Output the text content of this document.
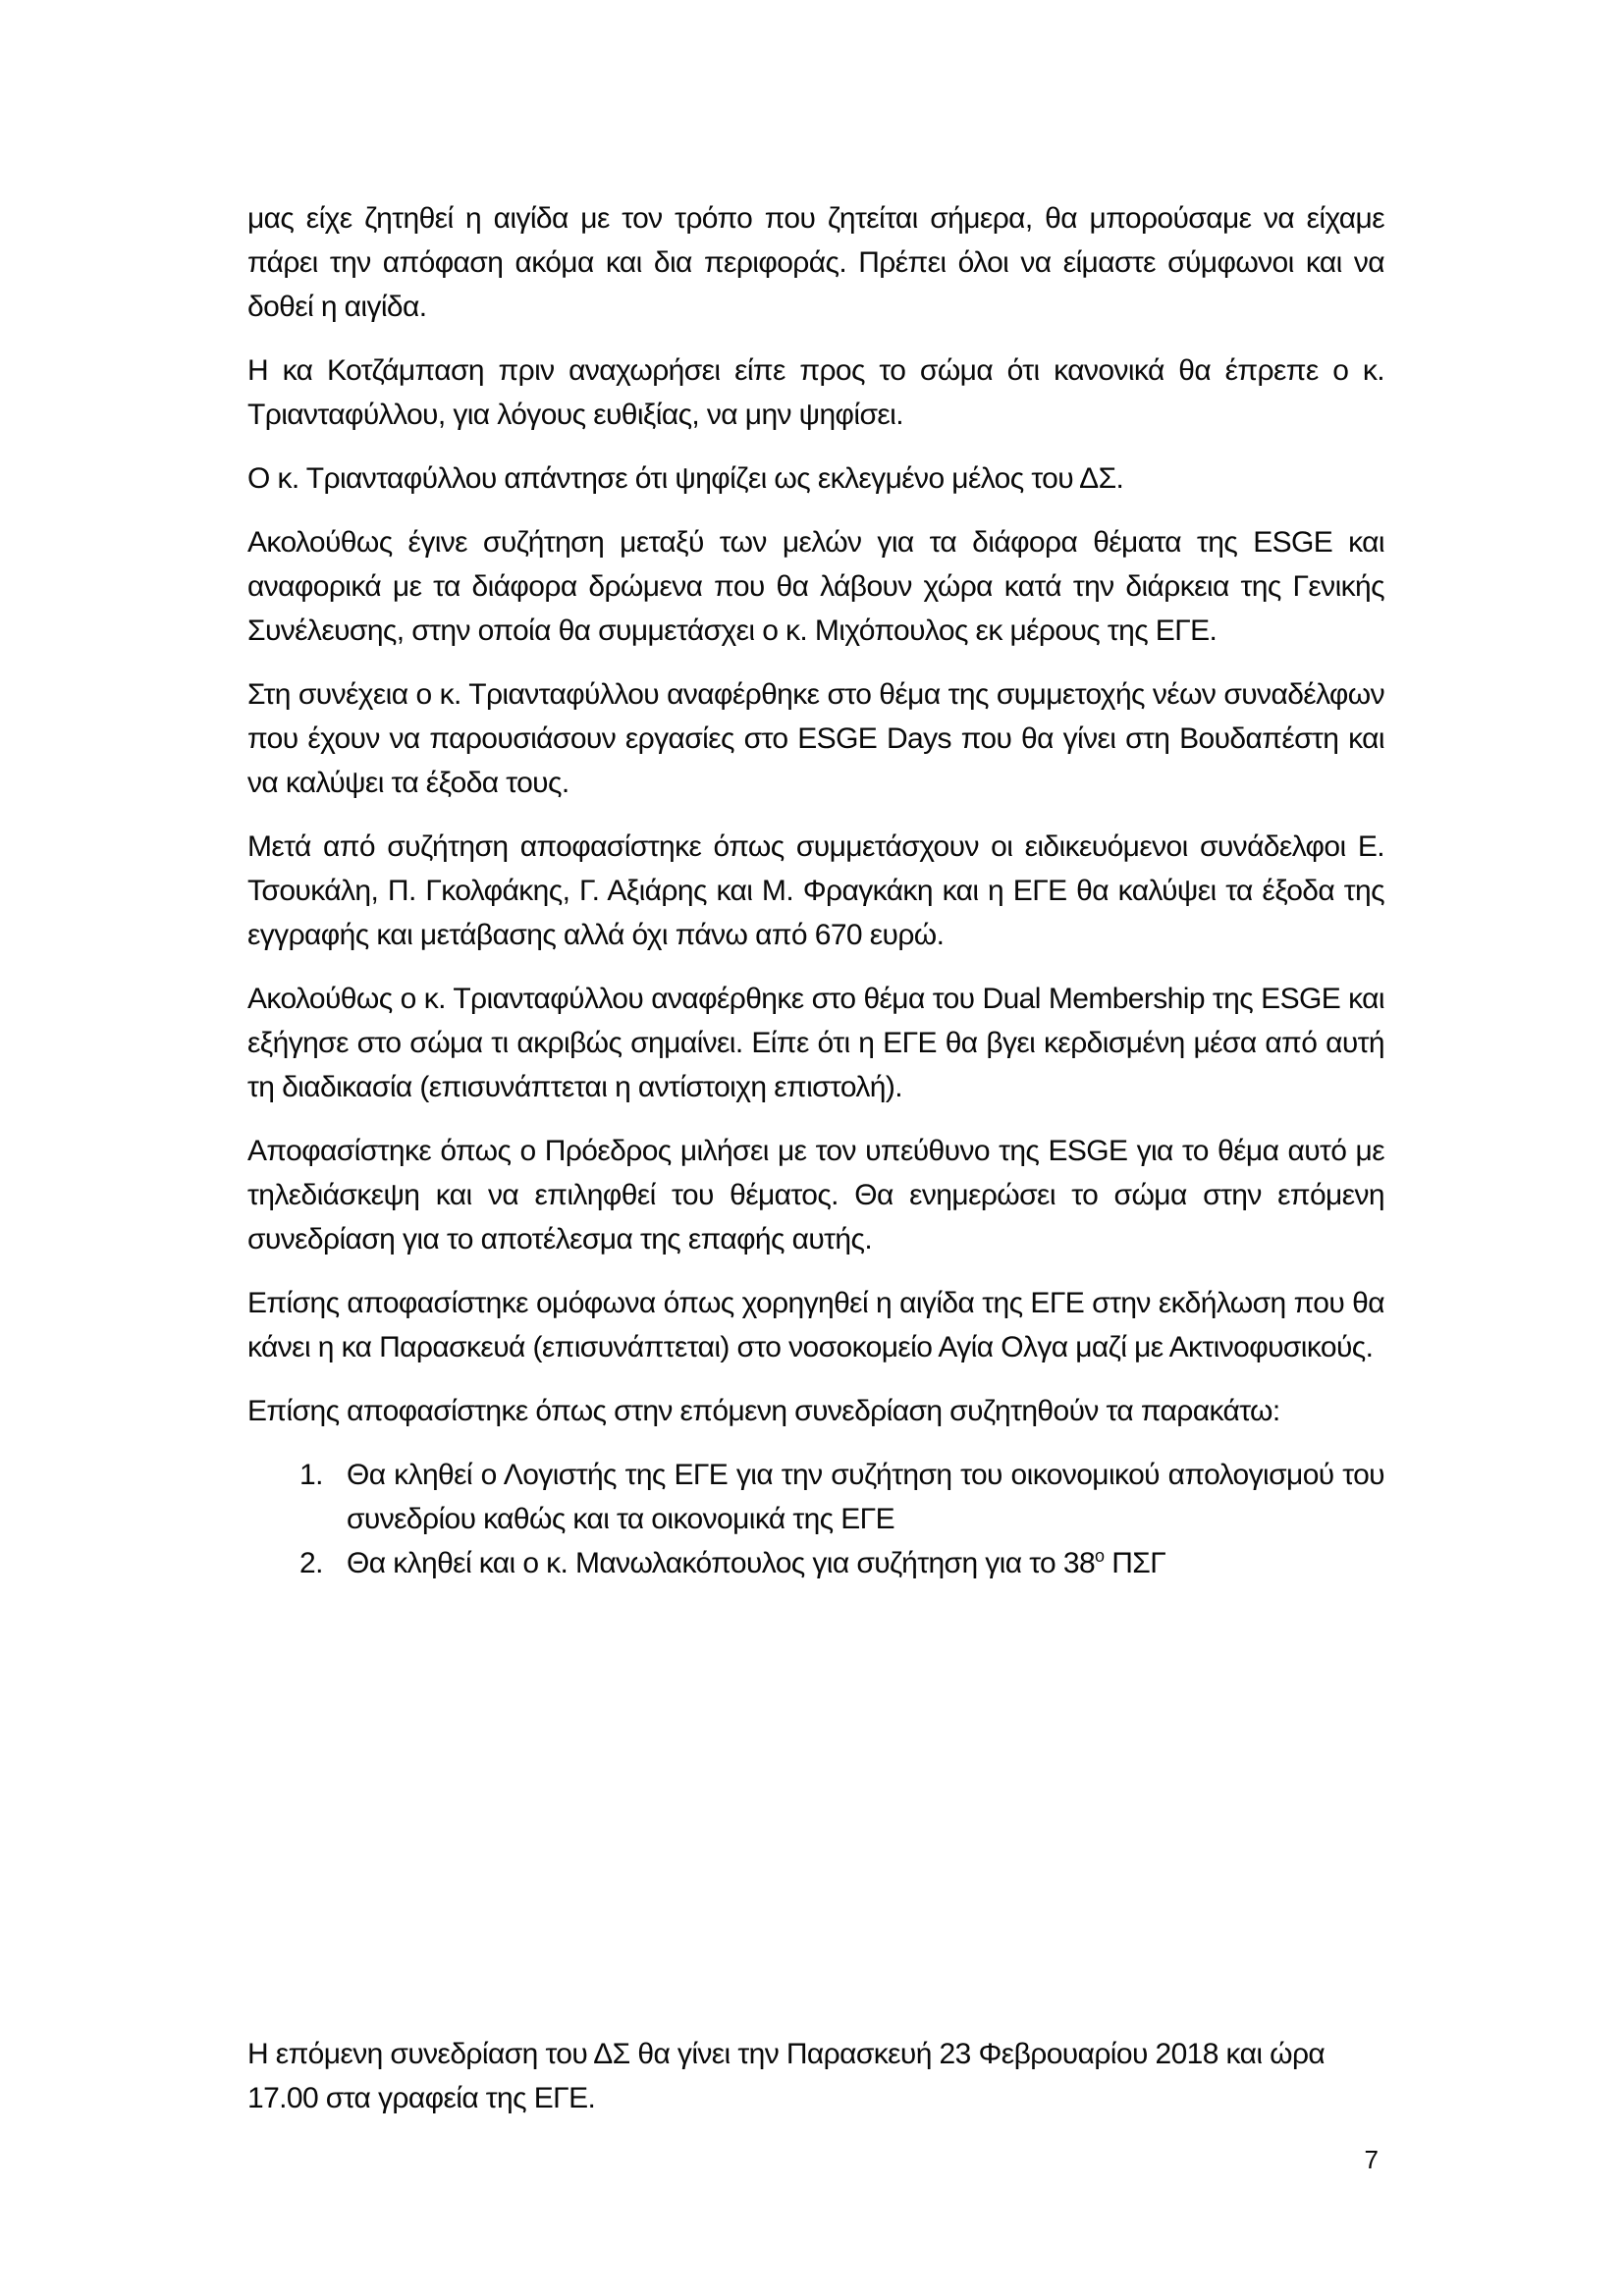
μας είχε ζητηθεί η αιγίδα με τον τρόπο που ζητείται σήμερα, θα μπορούσαμε να είχαμε πάρει την απόφαση ακόμα και δια περιφοράς. Πρέπει όλοι να είμαστε σύμφωνοι και να δοθεί η αιγίδα.

Η κα Κοτζάμπαση πριν αναχωρήσει είπε προς το σώμα ότι κανονικά θα έπρεπε ο κ. Τριανταφύλλου, για λόγους ευθιξίας, να μην ψηφίσει.

Ο κ. Τριανταφύλλου απάντησε ότι ψηφίζει ως εκλεγμένο μέλος του ΔΣ.

Ακολούθως έγινε συζήτηση μεταξύ των μελών για τα διάφορα θέματα της ESGE και αναφορικά με τα διάφορα δρώμενα που θα λάβουν χώρα κατά την διάρκεια της Γενικής Συνέλευσης, στην οποία θα συμμετάσχει ο κ. Μιχόπουλος εκ μέρους της ΕΓΕ.

Στη συνέχεια ο κ. Τριανταφύλλου αναφέρθηκε στο θέμα της συμμετοχής νέων συναδέλφων που έχουν να παρουσιάσουν εργασίες στο ESGE Days που θα γίνει στη Βουδαπέστη και να καλύψει τα έξοδα τους.

Μετά από συζήτηση αποφασίστηκε όπως συμμετάσχουν οι ειδικευόμενοι συνάδελφοι Ε. Τσουκάλη, Π. Γκολφάκης, Γ. Αξιάρης και Μ. Φραγκάκη και η ΕΓΕ θα καλύψει τα έξοδα της εγγραφής και μετάβασης αλλά όχι πάνω από 670 ευρώ.

Ακολούθως ο κ. Τριανταφύλλου αναφέρθηκε στο θέμα του Dual Membership της ESGE και εξήγησε στο σώμα τι ακριβώς σημαίνει. Είπε ότι η ΕΓΕ θα βγει κερδισμένη μέσα από αυτή τη διαδικασία (επισυνάπτεται η αντίστοιχη επιστολή).

Αποφασίστηκε όπως ο Πρόεδρος μιλήσει με τον υπεύθυνο της ESGE για το θέμα αυτό με τηλεδιάσκεψη και να επιληφθεί του θέματος. Θα ενημερώσει το σώμα στην επόμενη συνεδρίαση για το αποτέλεσμα της επαφής αυτής.

Επίσης αποφασίστηκε ομόφωνα όπως χορηγηθεί η αιγίδα της ΕΓΕ στην εκδήλωση που θα κάνει η κα Παρασκευά (επισυνάπτεται) στο νοσοκομείο Αγία Ολγα μαζί με Ακτινοφυσικούς.

Επίσης αποφασίστηκε όπως στην επόμενη συνεδρίαση συζητηθούν τα παρακάτω:

1. Θα κληθεί ο Λογιστής της ΕΓΕ για την συζήτηση του οικονομικού απολογισμού του συνεδρίου καθώς και τα οικονομικά της ΕΓΕ
2. Θα κληθεί και ο κ. Μανωλακόπουλος για συζήτηση για το $38^o$ ΠΣΓ

Η επόμενη συνεδρίαση του ΔΣ θα γίνει την Παρασκευή 23 Φεβρουαρίου 2018 και ώρα 17.00 στα γραφεία της ΕΓΕ.

7
